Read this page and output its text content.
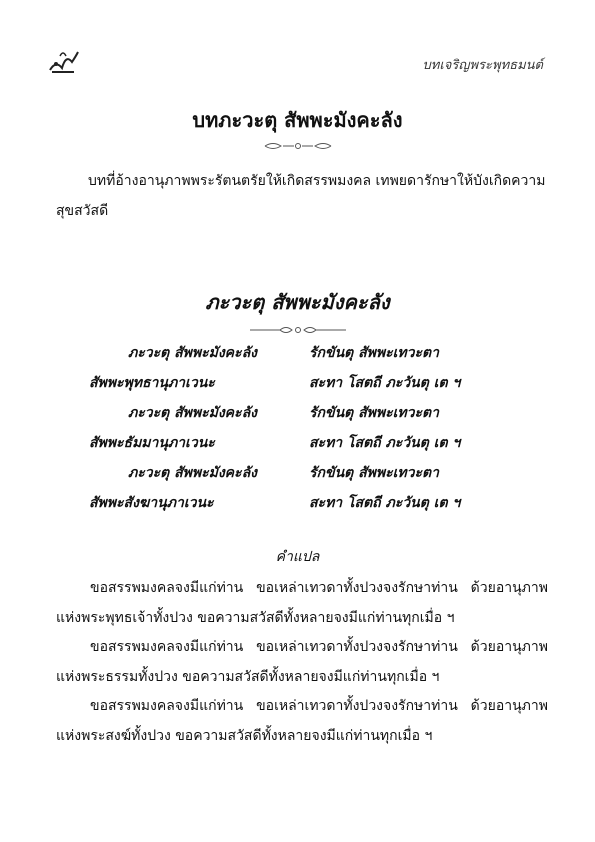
บทเจริญพระพุทธมนต์
บทภะวะตุ สัพพะมังคะลัง

บทที่อ้างอานุภาพพระรัตนตรัยให้เกิดสรรพมงคล เทพยดารักษาให้บังเกิดความสุขสวัสดี

ภะวะตุ สัพพะมังคะลัง
ภะวะตุ สัพพะมังคะลัง	รักขันตุ สัพพะเทวะตา
สัพพะพุทธานุภาเวนะ	สะทา โสตถี ภะวันตุ เต ฯ
ภะวะตุ สัพพะมังคะลัง	รักขันตุ สัพพะเทวะตา
สัพพะธัมมานุภาเวนะ	สะทา โสตถี ภะวันตุ เต ฯ
ภะวะตุ สัพพะมังคะลัง	รักขันตุ สัพพะเทวะตา
สัพพะสังฆานุภาเวนะ	สะทา โสตถี ภะวันตุ เต ฯ
คำแปล

ขอสรรพมงคลจงมีแก่ท่าน ขอเหล่าเทวดาทั้งปวงจงรักษาท่าน ด้วยอานุภาพแห่งพระพุทธเจ้าทั้งปวง ขอความสวัสดีทั้งหลายจงมีแก่ท่านทุกเมื่อ ฯ

ขอสรรพมงคลจงมีแก่ท่าน ขอเหล่าเทวดาทั้งปวงจงรักษาท่าน ด้วยอานุภาพแห่งพระธรรมทั้งปวง ขอความสวัสดีทั้งหลายจงมีแก่ท่านทุกเมื่อ ฯ

ขอสรรพมงคลจงมีแก่ท่าน ขอเหล่าเทวดาทั้งปวงจงรักษาท่าน ด้วยอานุภาพแห่งพระสงฆ์ทั้งปวง ขอความสวัสดีทั้งหลายจงมีแก่ท่านทุกเมื่อ ฯ
